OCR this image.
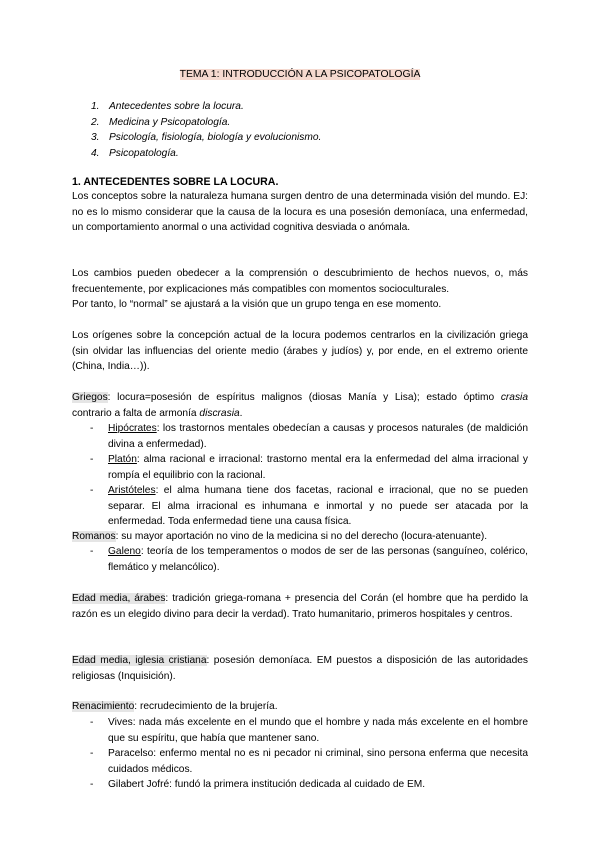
TEMA 1: INTRODUCCIÓN A LA PSICOPATOLOGÍA
1. Antecedentes sobre la locura.
2. Medicina y Psicopatología.
3. Psicología, fisiología, biología y evolucionismo.
4. Psicopatología.
1. ANTECEDENTES SOBRE LA LOCURA.

Los conceptos sobre la naturaleza humana surgen dentro de una determinada visión del mundo. EJ: no es lo mismo considerar que la causa de la locura es una posesión demoníaca, una enfermedad, un comportamiento anormal o una actividad cognitiva desviada o anómala.

Los cambios pueden obedecer a la comprensión o descubrimiento de hechos nuevos, o, más frecuentemente, por explicaciones más compatibles con momentos socioculturales.

Por tanto, lo “normal” se ajustará a la visión que un grupo tenga en ese momento.

Los orígenes sobre la concepción actual de la locura podemos centrarlos en la civilización griega (sin olvidar las influencias del oriente medio (árabes y judíos) y, por ende, en el extremo oriente (China, India…)).

Griegos: locura=posesión de espíritus malignos (diosas Manía y Lisa); estado óptimo crasia contrario a falta de armonía discrasia.

- Hipócrates: los trastornos mentales obedecían a causas y procesos naturales (de maldición divina a enfermedad).
- Platón: alma racional e irracional: trastorno mental era la enfermedad del alma irracional y rompía el equilibrio con la racional.
- Aristóteles: el alma humana tiene dos facetas, racional e irracional, que no se pueden separar. El alma irracional es inhumana e inmortal y no puede ser atacada por la enfermedad. Toda enfermedad tiene una causa física.

Romanos: su mayor aportación no vino de la medicina si no del derecho (locura-atenuante).

- Galeno: teoría de los temperamentos o modos de ser de las personas (sanguíneo, colérico, flemático y melancólico).

Edad media, árabes: tradición griega-romana + presencia del Corán (el hombre que ha perdido la razón es un elegido divino para decir la verdad). Trato humanitario, primeros hospitales y centros.

Edad media, iglesia cristiana: posesión demoníaca. EM puestos a disposición de las autoridades religiosas (Inquisición).

Renacimiento: recrudecimiento de la brujería.

- Vives: nada más excelente en el mundo que el hombre y nada más excelente en el hombre que su espíritu, que había que mantener sano.
- Paracelso: enfermo mental no es ni pecador ni criminal, sino persona enferma que necesita cuidados médicos.
- Gilabert Jofré: fundó la primera institución dedicada al cuidado de EM.
